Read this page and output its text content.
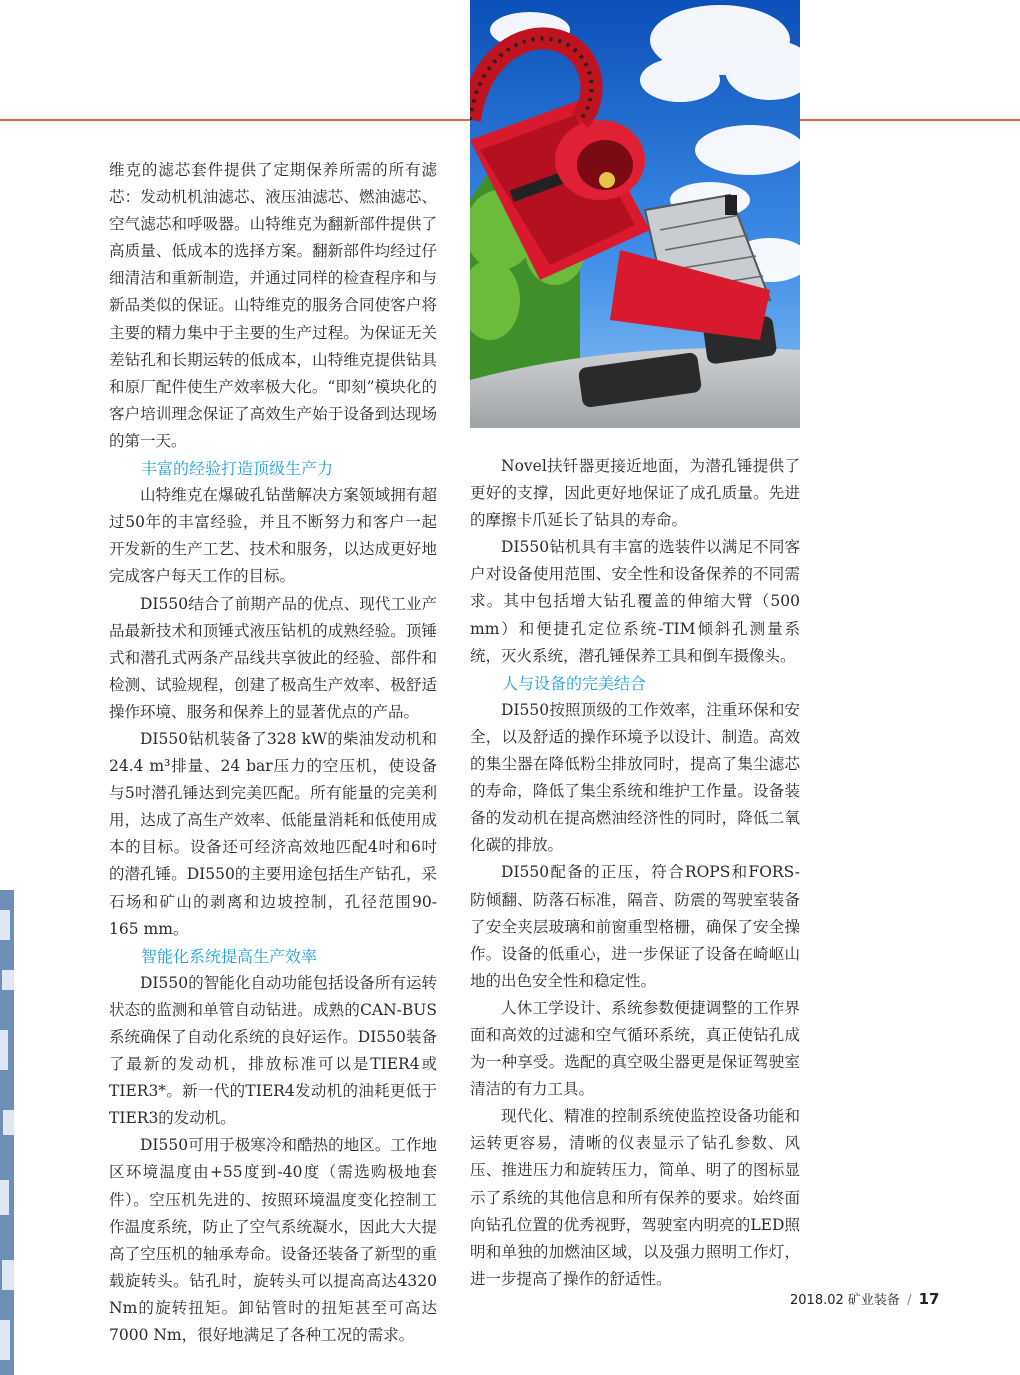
维克的滤芯套件提供了定期保养所需的所有滤芯：发动机机油滤芯、液压油滤芯、燃油滤芯、空气滤芯和呼吸器。山特维克为翻新部件提供了高质量、低成本的选择方案。翻新部件均经过仔细清洁和重新制造，并通过同样的检查程序和与新品类似的保证。山特维克的服务合同使客户将主要的精力集中于主要的生产过程。为保证无关差钻孔和长期运转的低成本，山特维克提供钻具和原厂配件使生产效率极大化。“即刻”模块化的客户培训理念保证了高效生产始于设备到达现场的第一天。

丰富的经验打造顶级生产力

山特维克在爆破孔钻凿解决方案领域拥有超过50年的丰富经验，并且不断努力和客户一起开发新的生产工艺、技术和服务，以达成更好地完成客户每天工作的目标。

DI550结合了前期产品的优点、现代工业产品最新技术和顶锤式液压钻机的成熟经验。顶锤式和潜孔式两条产品线共享彼此的经验、部件和检测、试验规程，创建了极高生产效率、极舒适操作环境、服务和保养上的显著优点的产品。

DI550钻机装备了328 kW的柴油发动机和24.4 m³排量、24 bar压力的空压机，使设备与5吋潜孔锤达到完美匹配。所有能量的完美利用，达成了高生产效率、低能量消耗和低使用成本的目标。设备还可经济高效地匹配4吋和6吋的潜孔锤。DI550的主要用途包括生产钻孔，采石场和矿山的剥离和边坡控制，孔径范围90-165 mm。

智能化系统提高生产效率

DI550的智能化自动功能包括设备所有运转状态的监测和单管自动钻进。成熟的CAN-BUS系统确保了自动化系统的良好运作。DI550装备了最新的发动机，排放标准可以是TIER4或TIER3*。新一代的TIER4发动机的油耗更低于TIER3的发动机。

DI550可用于极寒冷和酷热的地区。工作地区环境温度由+55度到-40度（需选购极地套件）。空压机先进的、按照环境温度变化控制工作温度系统，防止了空气系统凝水，因此大大提高了空压机的轴承寿命。设备还装备了新型的重载旋转头。钻孔时，旋转头可以提高高达4320 Nm的旋转扭矩。卸钻管时的扭矩甚至可高达7000 Nm，很好地满足了各种工况的需求。

Novel扶钎器更接近地面，为潜孔锤提供了更好的支撑，因此更好地保证了成孔质量。先进的摩擦卡爪延长了钻具的寿命。

DI550钻机具有丰富的选装件以满足不同客户对设备使用范围、安全性和设备保养的不同需求。其中包括增大钻孔覆盖的伸缩大臂（500 mm）和便捷孔定位系统-TIM倾斜孔测量系统，灭火系统，潜孔锤保养工具和倒车摄像头。

人与设备的完美结合

DI550按照顶级的工作效率，注重环保和安全，以及舒适的操作环境予以设计、制造。高效的集尘器在降低粉尘排放同时，提高了集尘滤芯的寿命，降低了集尘系统和维护工作量。设备装备的发动机在提高燃油经济性的同时，降低二氧化碳的排放。

DI550配备的正压，符合ROPS和FORS-防倾翻、防落石标准，隔音、防震的驾驶室装备了安全夹层玻璃和前窗重型格栅，确保了安全操作。设备的低重心，进一步保证了设备在崎岖山地的出色安全性和稳定性。

人休工学设计、系统参数便捷调整的工作界面和高效的过滤和空气循环系统，真正使钻孔成为一种享受。选配的真空吸尘器更是保证驾驶室清洁的有力工具。

现代化、精准的控制系统使监控设备功能和运转更容易，清晰的仪表显示了钻孔参数、风压、推进压力和旋转压力，简单、明了的图标显示了系统的其他信息和所有保养的要求。始终面向钻孔位置的优秀视野，驾驶室内明亮的LED照明和单独的加燃油区域，以及强力照明工作灯，进一步提高了操作的舒适性。

2018.02 矿业装备 / 17
